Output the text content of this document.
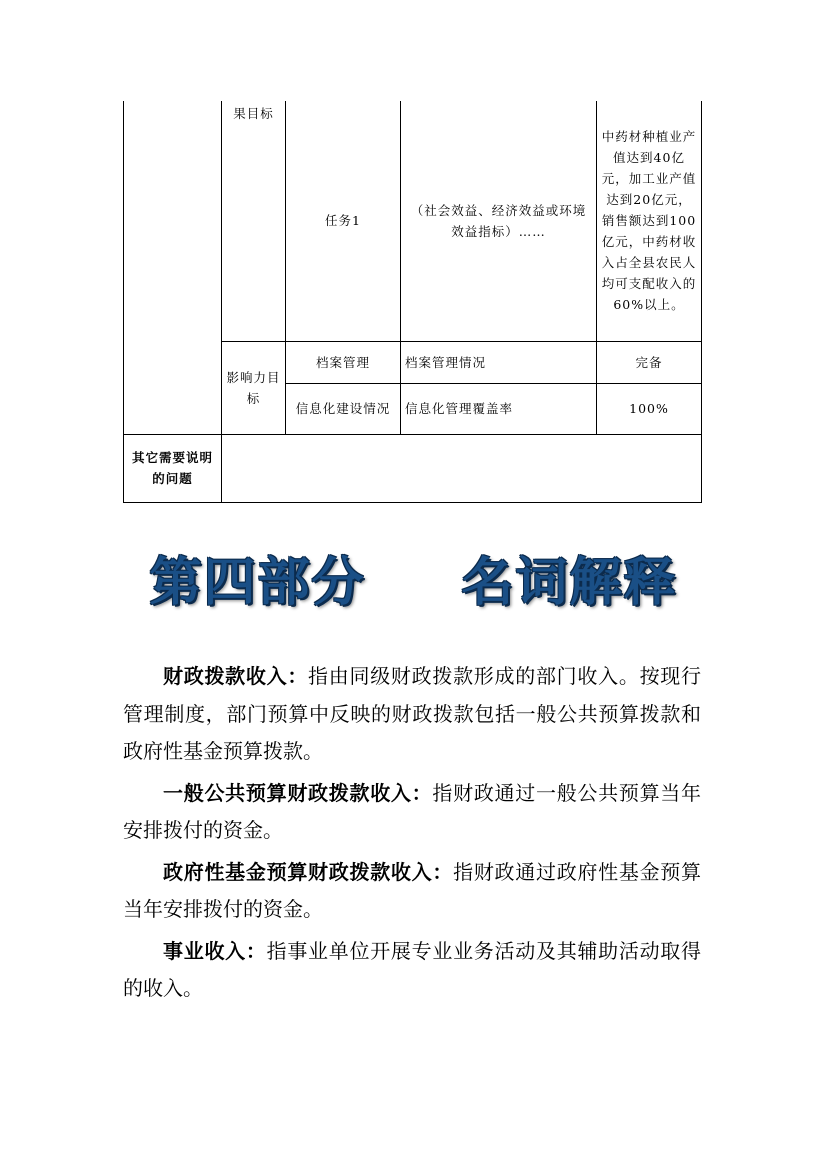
	果目标	任务1	（社会效益、经济效益或环境效益指标）……	中药材种植业产值达到40亿元，加工业产值达到20亿元，销售额达到100亿元，中药材收入占全县农民人均可支配收入的60%以上。
	影响力目标	档案管理	档案管理情况	完备
		信息化建设情况	信息化管理覆盖率	100%
其它需要说明的问题				
第四部分 名词解释

财政拨款收入：指由同级财政拨款形成的部门收入。按现行管理制度，部门预算中反映的财政拨款包括一般公共预算拨款和政府性基金预算拨款。

一般公共预算财政拨款收入：指财政通过一般公共预算当年安排拨付的资金。

政府性基金预算财政拨款收入：指财政通过政府性基金预算当年安排拨付的资金。

事业收入：指事业单位开展专业业务活动及其辅助活动取得的收入。
